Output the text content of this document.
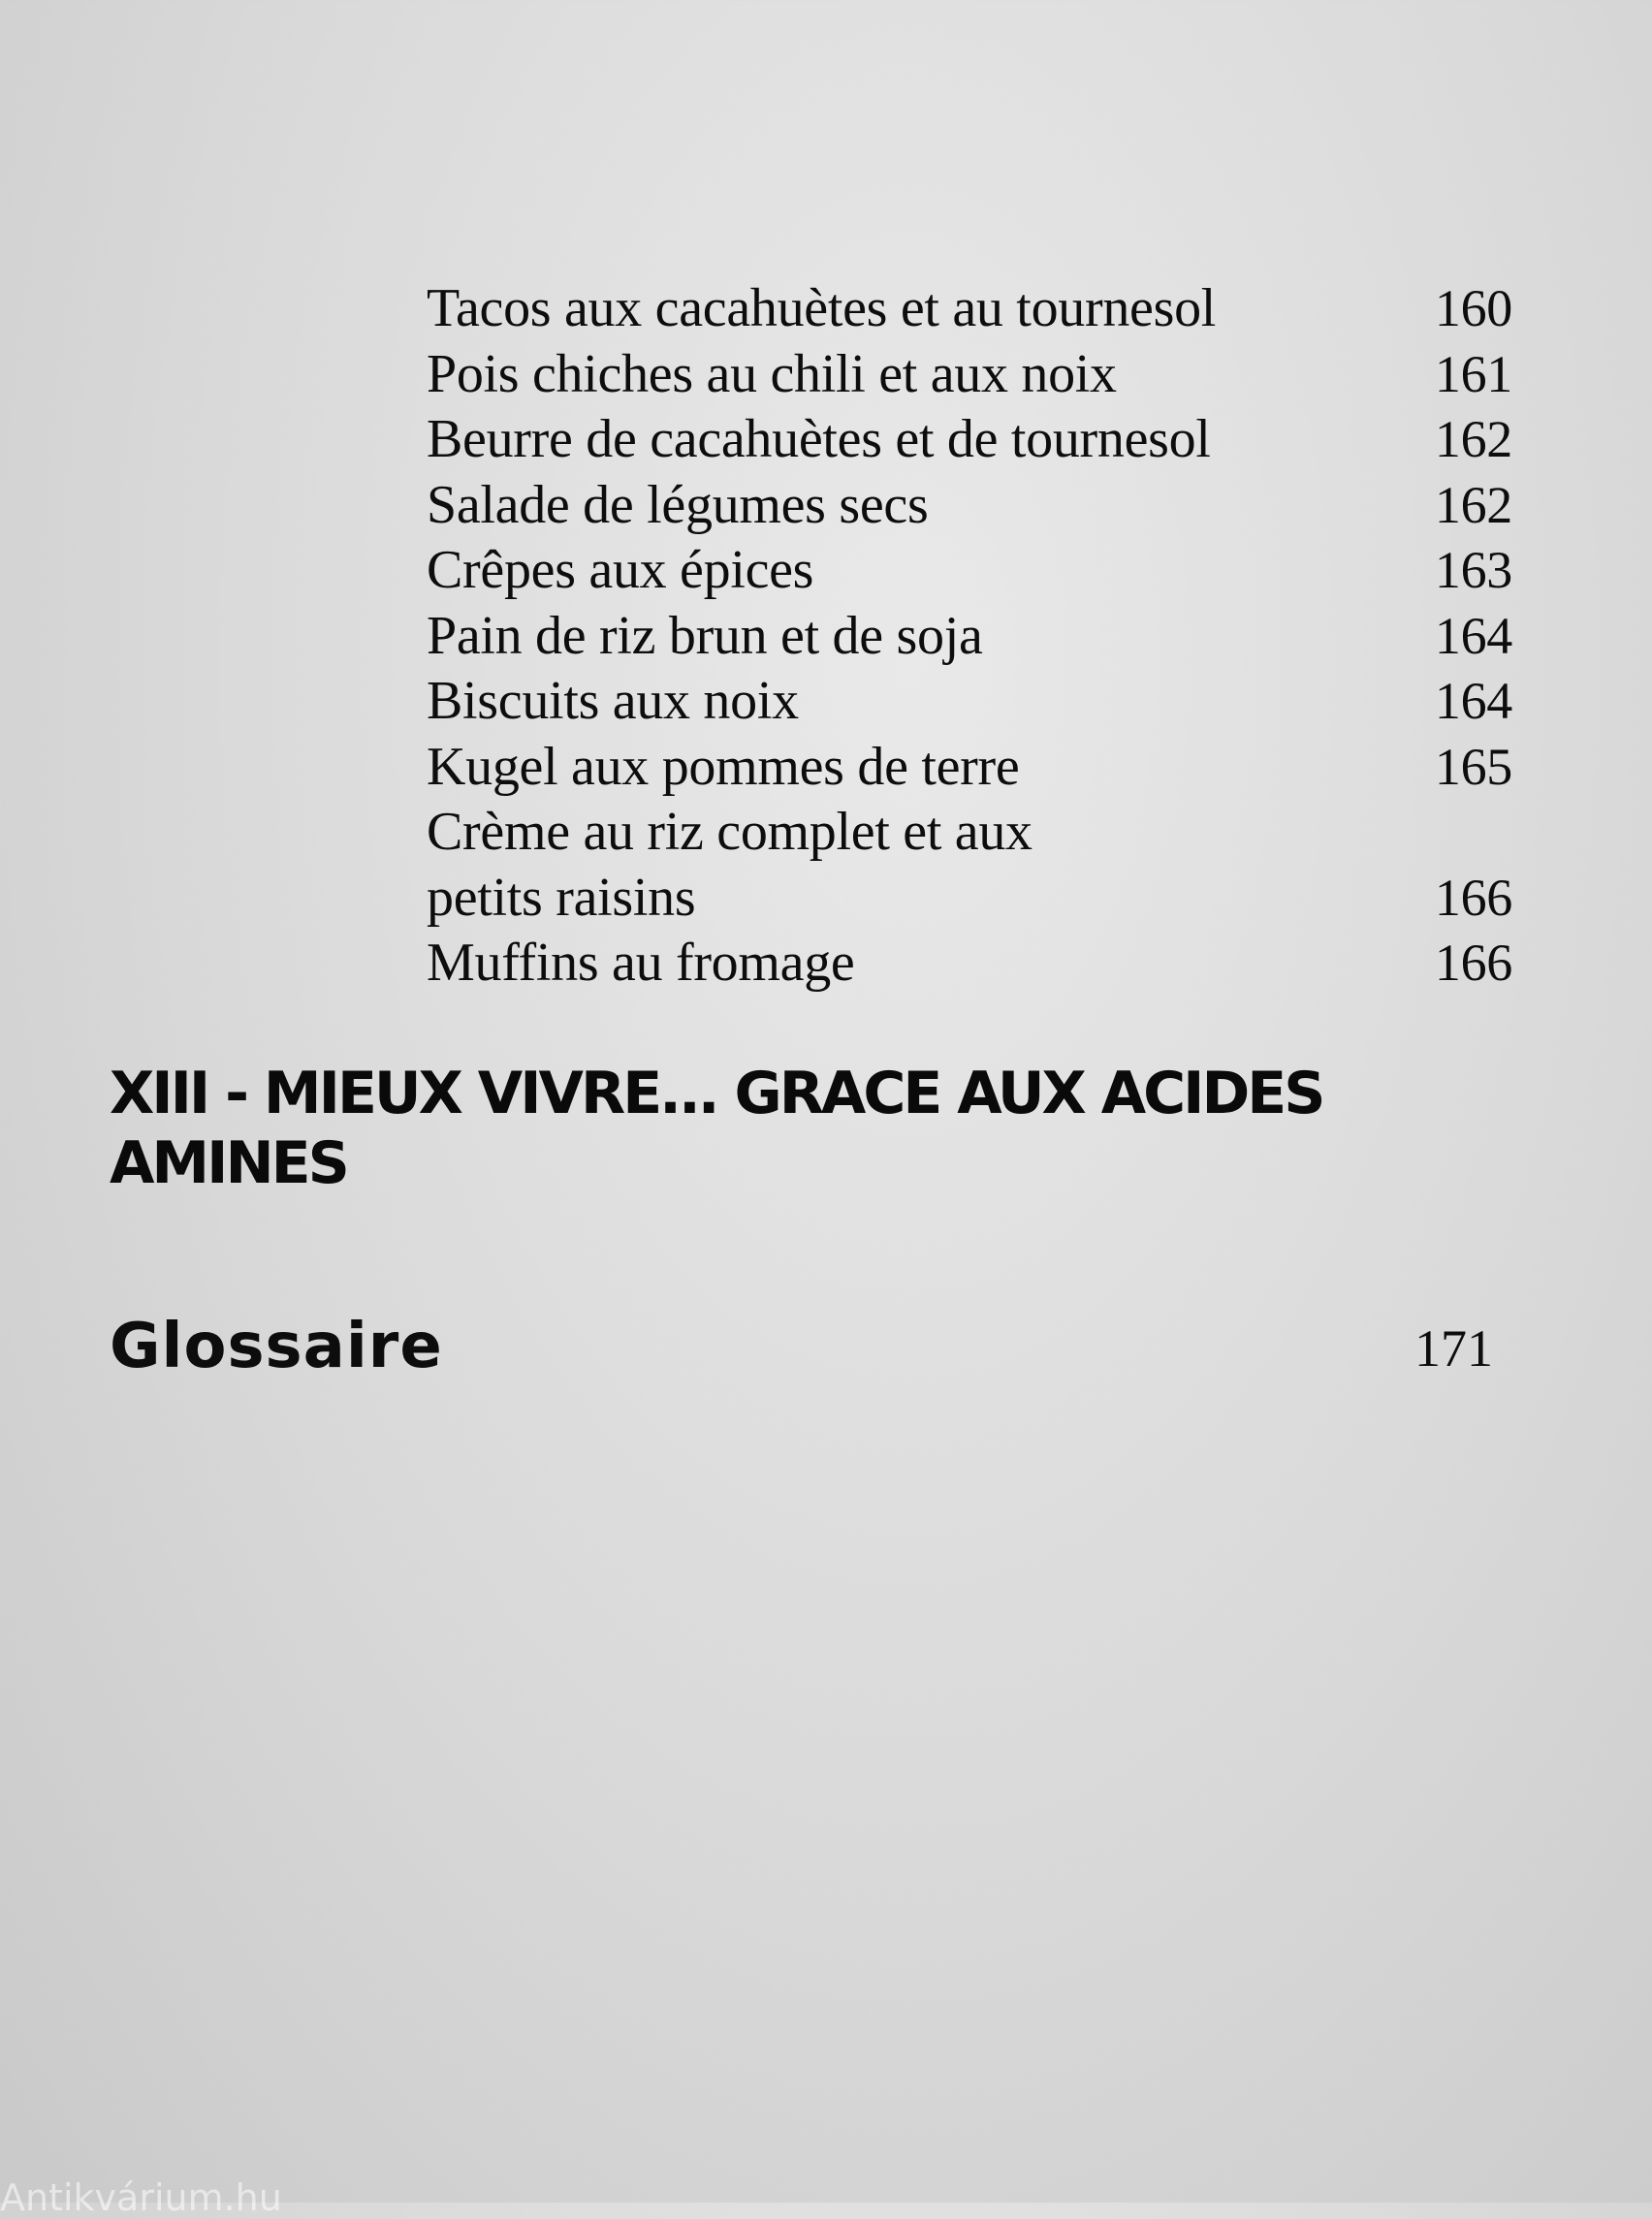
Tacos aux cacahuètes et au tournesol	160
Pois chiches au chili et aux noix	161
Beurre de cacahuètes et de tournesol	162
Salade de légumes secs	162
Crêpes aux épices	163
Pain de riz brun et de soja	164
Biscuits aux noix	164
Kugel aux pommes de terre	165
Crème au riz complet et aux
petits raisins	166
Muffins au fromage	166
XIII - MIEUX VIVRE... GRACE AUX ACIDES
AMINES
Glossaire	171
Antikvárium.hu
